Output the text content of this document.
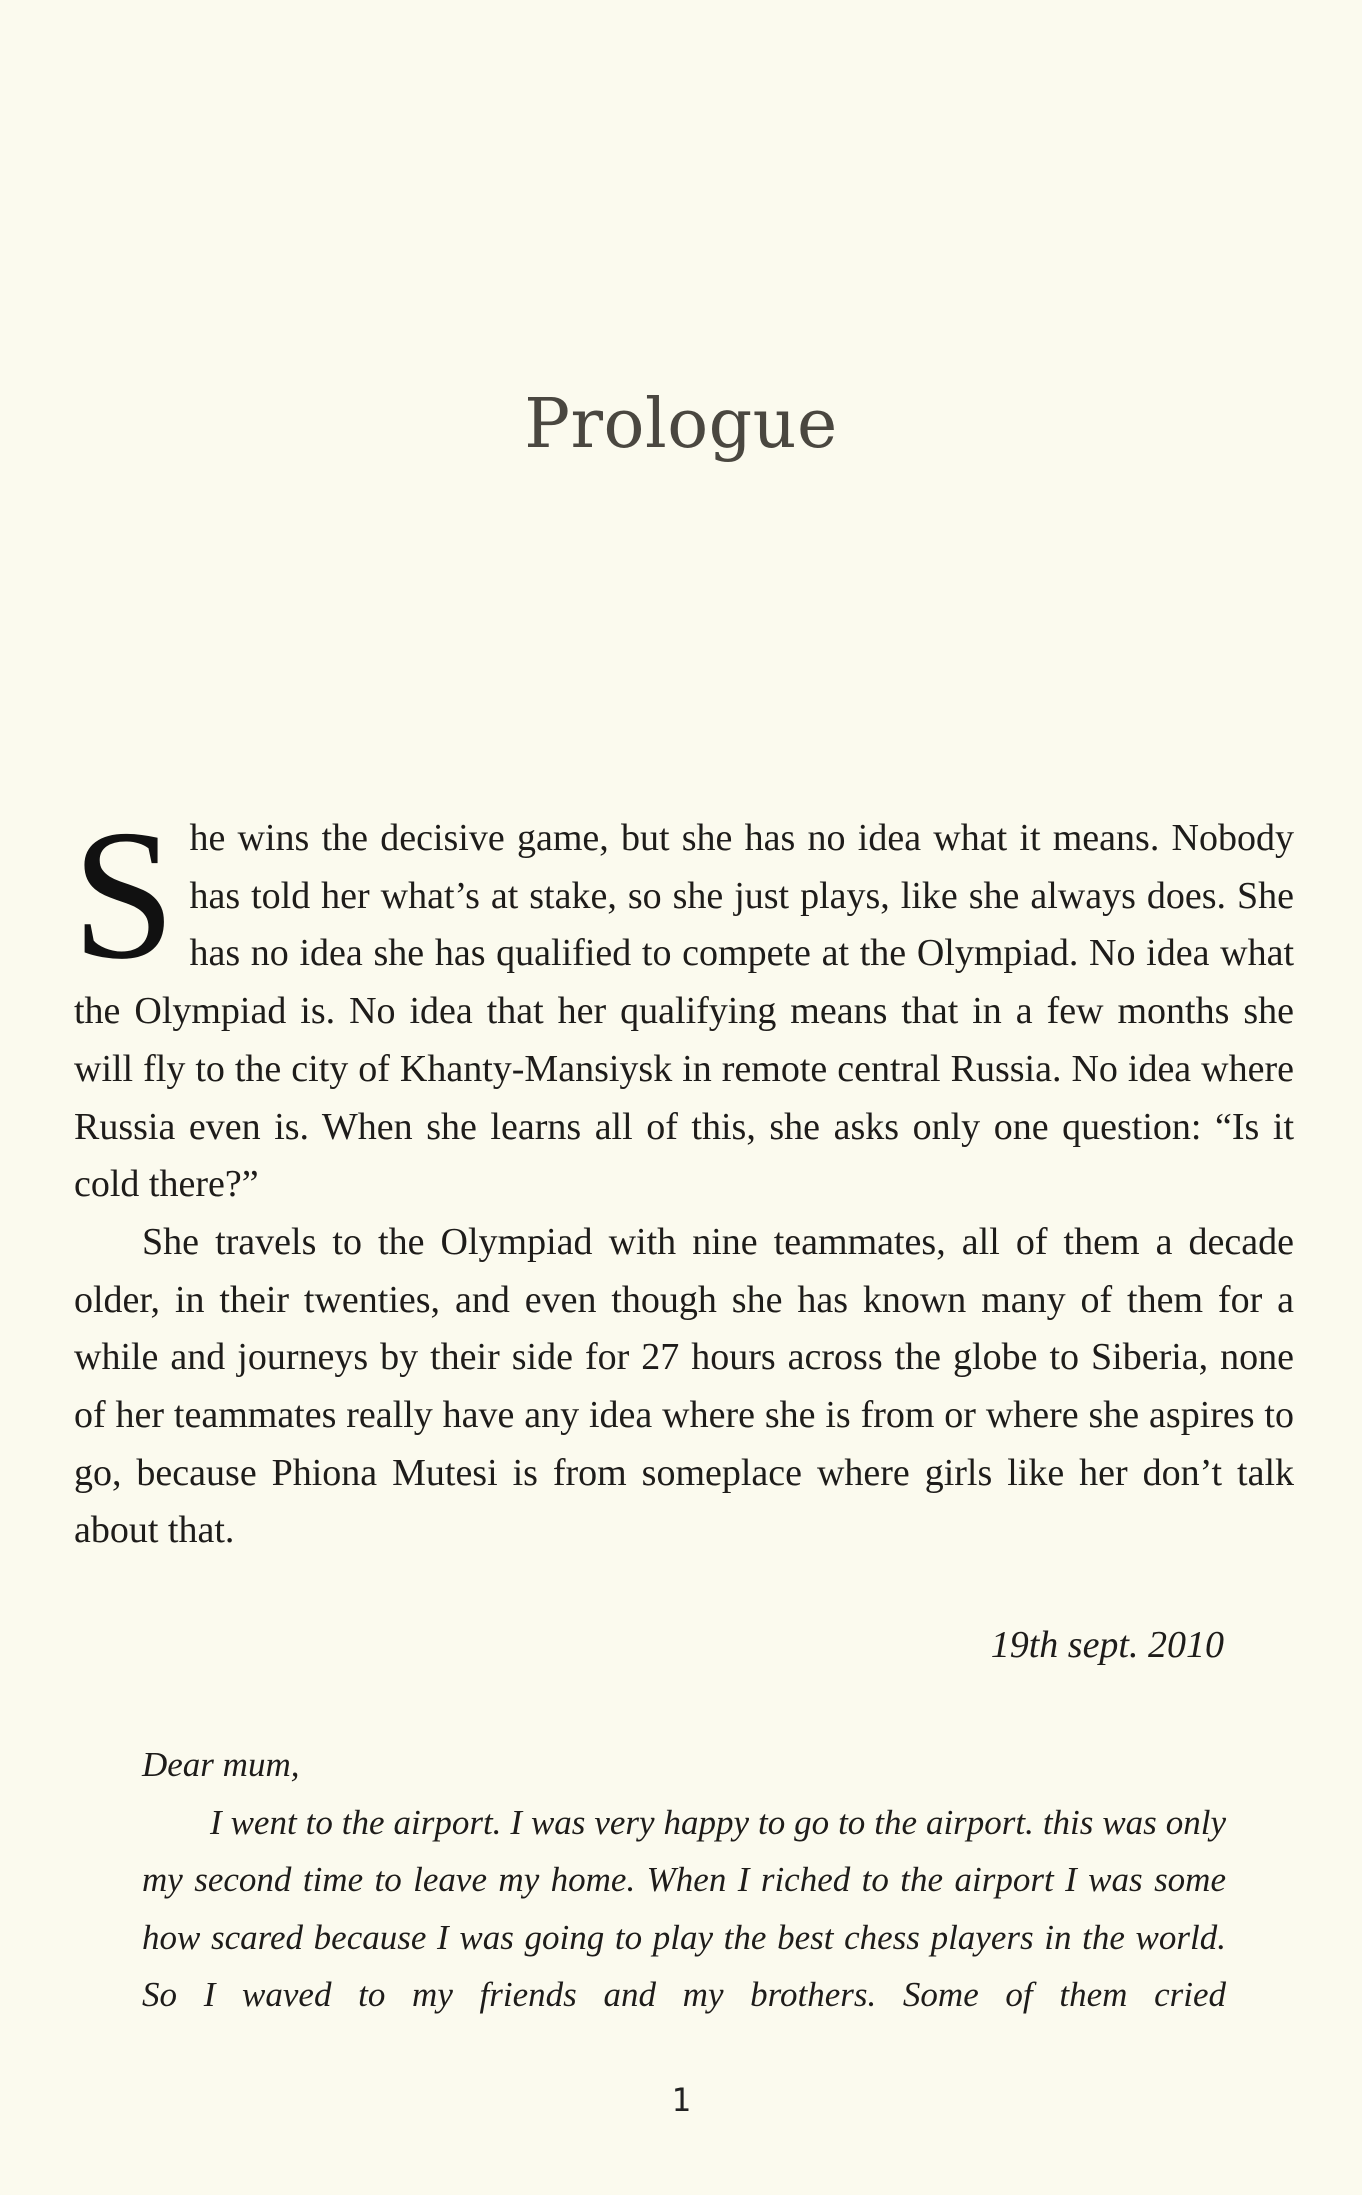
Prologue

She wins the decisive game, but she has no idea what it means. Nobody has told her what’s at stake, so she just plays, like she always does. She has no idea she has qualified to compete at the Olympiad. No idea what the Olympiad is. No idea that her qualifying means that in a few months she will fly to the city of Khanty-Mansiysk in remote central Russia. No idea where Russia even is. When she learns all of this, she asks only one question: “Is it cold there?”

She travels to the Olympiad with nine teammates, all of them a decade older, in their twenties, and even though she has known many of them for a while and journeys by their side for 27 hours across the globe to Siberia, none of her teammates really have any idea where she is from or where she aspires to go, because Phiona Mutesi is from someplace where girls like her don’t talk about that.

19th sept. 2010

Dear mum,

I went to the airport. I was very happy to go to the airport. this was only my second time to leave my home. When I riched to the airport I was some how scared because I was going to play the best chess players in the world. So I waved to my friends and my brothers. Some of them cried

1
